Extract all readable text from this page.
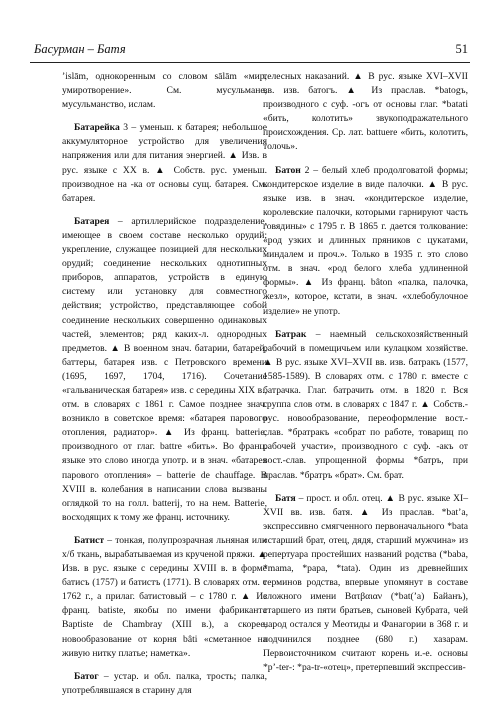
Басурман – Батя	51

ʼislām, однокоренным со словом sālām «мир, умиротворение». См. мусульмане, мусульманство, ислам.

Батарейка 3 – уменьш. к батарея; небольшое аккумуляторное устройство для увеличения напряжения или для питания энергией. ▲ Изв. в рус. языке с XX в. ▲ Собств. рус. уменьш. производное на -ка от основы сущ. батарея. См. батарея.

Батарея – артиллерийское подразделение, имеющее в своем составе несколько орудий; укрепление, служащее позицией для нескольких орудий; соединение нескольких однотипных приборов, аппаратов, устройств в единую систему или установку для совместного действия; устройство, представляющее собой соединение нескольких совершенно одинаковых частей, элементов; ряд каких-л. однородных предметов. ▲ В военном знач. батарии, батарей, баттеры, батарея изв. с Петровского времени (1695, 1697, 1704, 1716). Сочетание «гальваническая батарея» изв. с середины XIX в., отм. в словарях с 1861 г. Самое позднее знач. возникло в советское время: «батарея парового отопления, радиатор». ▲ Из франц. batterie, производного от глаг. battre «бить». Во франц. языке это слово иногда употр. и в знач. «батарея парового отопления» – batterie de chauffage. В XVIII в. колебания в написании слова вызваны оглядкой то на голл. batterij, то на нем. Batterie, восходящих к тому же франц. источнику.

Батист – тонкая, полупрозрачная льняная или х/б ткань, вырабатываемая из крученой пряжи. ▲ Изв. в рус. языке с середины XVIII в. в форме батисъ (1757) и батистъ (1771). В словарях отм. с 1762 г., а прилаг. батистовый – с 1780 г. ▲ Из франц. batiste, якобы по имени фабриканта Baptiste de Chambray (XIII в.), а скорее, новообразование от корня bâti «сметанное на живую нитку платье; наметка».

Батог – устар. и обл. палка, трость; палка, употреблявшаяся в старину для

телесных наказаний. ▲ В рус. языке XVI–XVII вв. изв. батогъ. ▲ Из праслав. *batogъ, производного с суф. -огъ от основы глаг. *batati «бить, колотить» звукоподражательного происхождения. Ср. лат. battuere «бить, колотить, толочь».

Батон 2 – белый хлеб продолговатой формы; кондитерское изделие в виде палочки. ▲ В рус. языке изв. в знач. «кондитерское изделие, королевские палочки, которыми гарнируют часть говядины» с 1795 г. В 1865 г. дается толкование: «род узких и длинных пряников с цукатами, миндалем и проч.». Только в 1935 г. это слово отм. в знач. «род белого хлеба удлиненной формы». ▲ Из франц. bâton «палка, палочка, жезл», которое, кстати, в знач. «хлебобулочное изделие» не употр.

Батрак – наемный сельскохозяйственный рабочий в помещичьем или кулацком хозяйстве. ▲ В рус. языке XVI–XVII вв. изв. батракъ (1577, 1585-1589). В словарях отм. с 1780 г. вместе с батрачка. Глаг. батрачить отм. в 1820 г. Вся группа слов отм. в словарях с 1847 г. ▲ Собств.-рус. новообразование, переоформление вост.-слав. *братракъ «собрат по работе, товарищ по рабочей участи», производного с суф. -акъ от вост.-слав. упрощенной формы *батръ, при праслав. *братръ «брат». См. брат.

Батя – прост. и обл. отец. ▲ В рус. языке XI–XVII вв. изв. батя. ▲ Из праслав. *batʼa, экспрессивно смягченного первоначального *bata «старший брат, отец, дядя, старший мужчина» из репертуара простейших названий родства (*baba, *mama, *papa, *tata). Один из древнейших терминов родства, впервые упомянут в составе сложного имени Βατβαιαν (*bat(ʼa) Бaйaнъ), старшего из пяти братьев, сыновей Кубрата, чей народ остался у Меотиды и Фанагории в 368 г. и подчинился позднее (680 г.) хазарам. Первоисточником считают корень и.-е. основы *pʼ-ter-: *pa-tr-«отец», претерпевший экспрессив-
